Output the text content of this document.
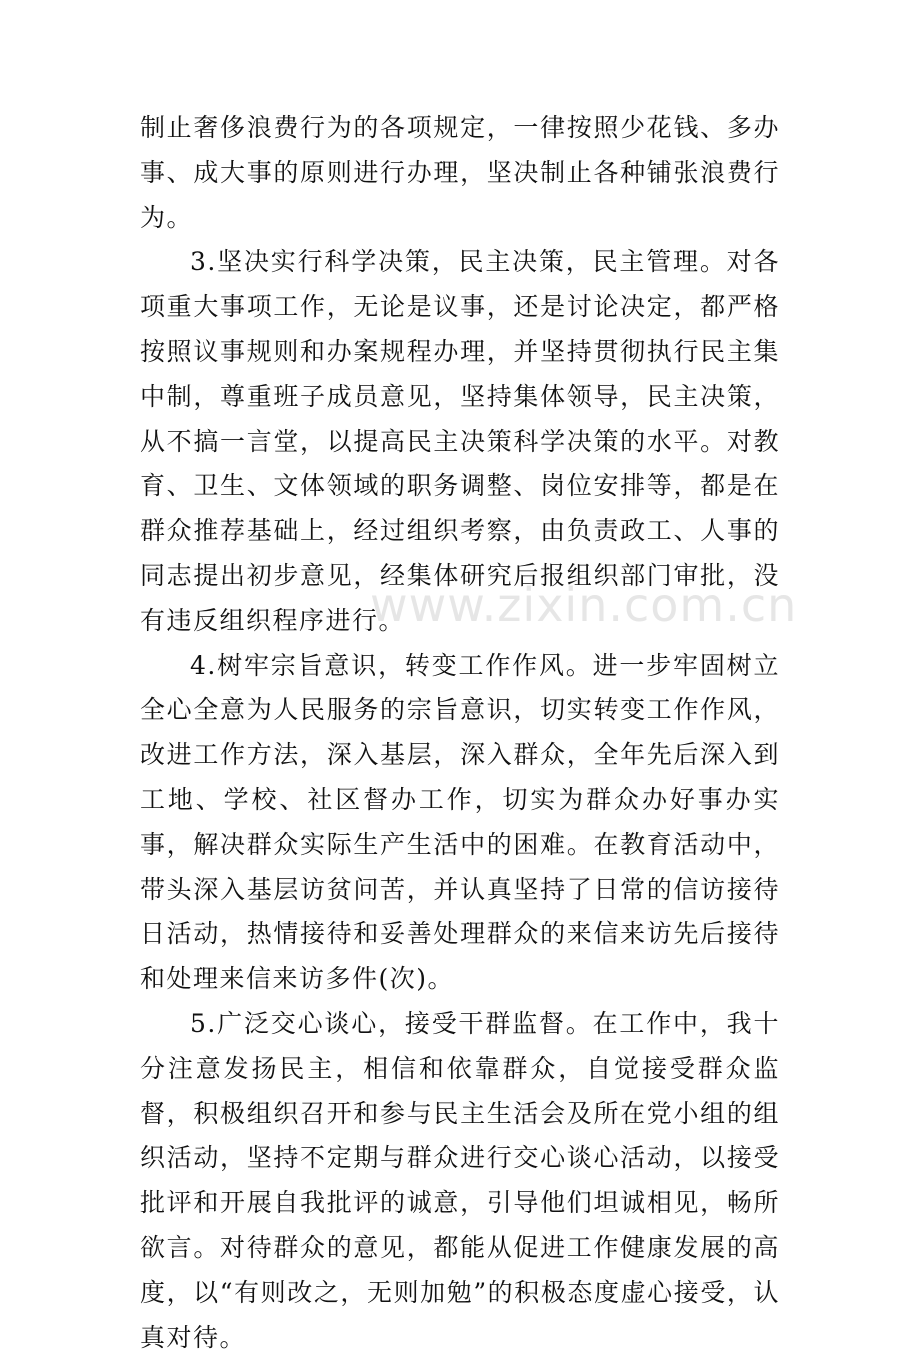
www.zixin.com.cn

制止奢侈浪费行为的各项规定，一律按照少花钱、多办事、成大事的原则进行办理，坚决制止各种铺张浪费行为。

3.坚决实行科学决策，民主决策，民主管理。对各项重大事项工作，无论是议事，还是讨论决定，都严格按照议事规则和办案规程办理，并坚持贯彻执行民主集中制，尊重班子成员意见，坚持集体领导，民主决策，从不搞一言堂，以提高民主决策科学决策的水平。对教育、卫生、文体领域的职务调整、岗位安排等，都是在群众推荐基础上，经过组织考察，由负责政工、人事的同志提出初步意见，经集体研究后报组织部门审批，没有违反组织程序进行。

4.树牢宗旨意识，转变工作作风。进一步牢固树立全心全意为人民服务的宗旨意识，切实转变工作作风，改进工作方法，深入基层，深入群众，全年先后深入到工地、学校、社区督办工作，切实为群众办好事办实事，解决群众实际生产生活中的困难。在教育活动中，带头深入基层访贫问苦，并认真坚持了日常的信访接待日活动，热情接待和妥善处理群众的来信来访先后接待和处理来信来访多件(次)。

5.广泛交心谈心，接受干群监督。在工作中，我十分注意发扬民主，相信和依靠群众，自觉接受群众监督，积极组织召开和参与民主生活会及所在党小组的组织活动，坚持不定期与群众进行交心谈心活动，以接受批评和开展自我批评的诚意，引导他们坦诚相见，畅所欲言。对待群众的意见，都能从促进工作健康发展的高度，以“有则改之，无则加勉”的积极态度虚心接受，认真对待。
